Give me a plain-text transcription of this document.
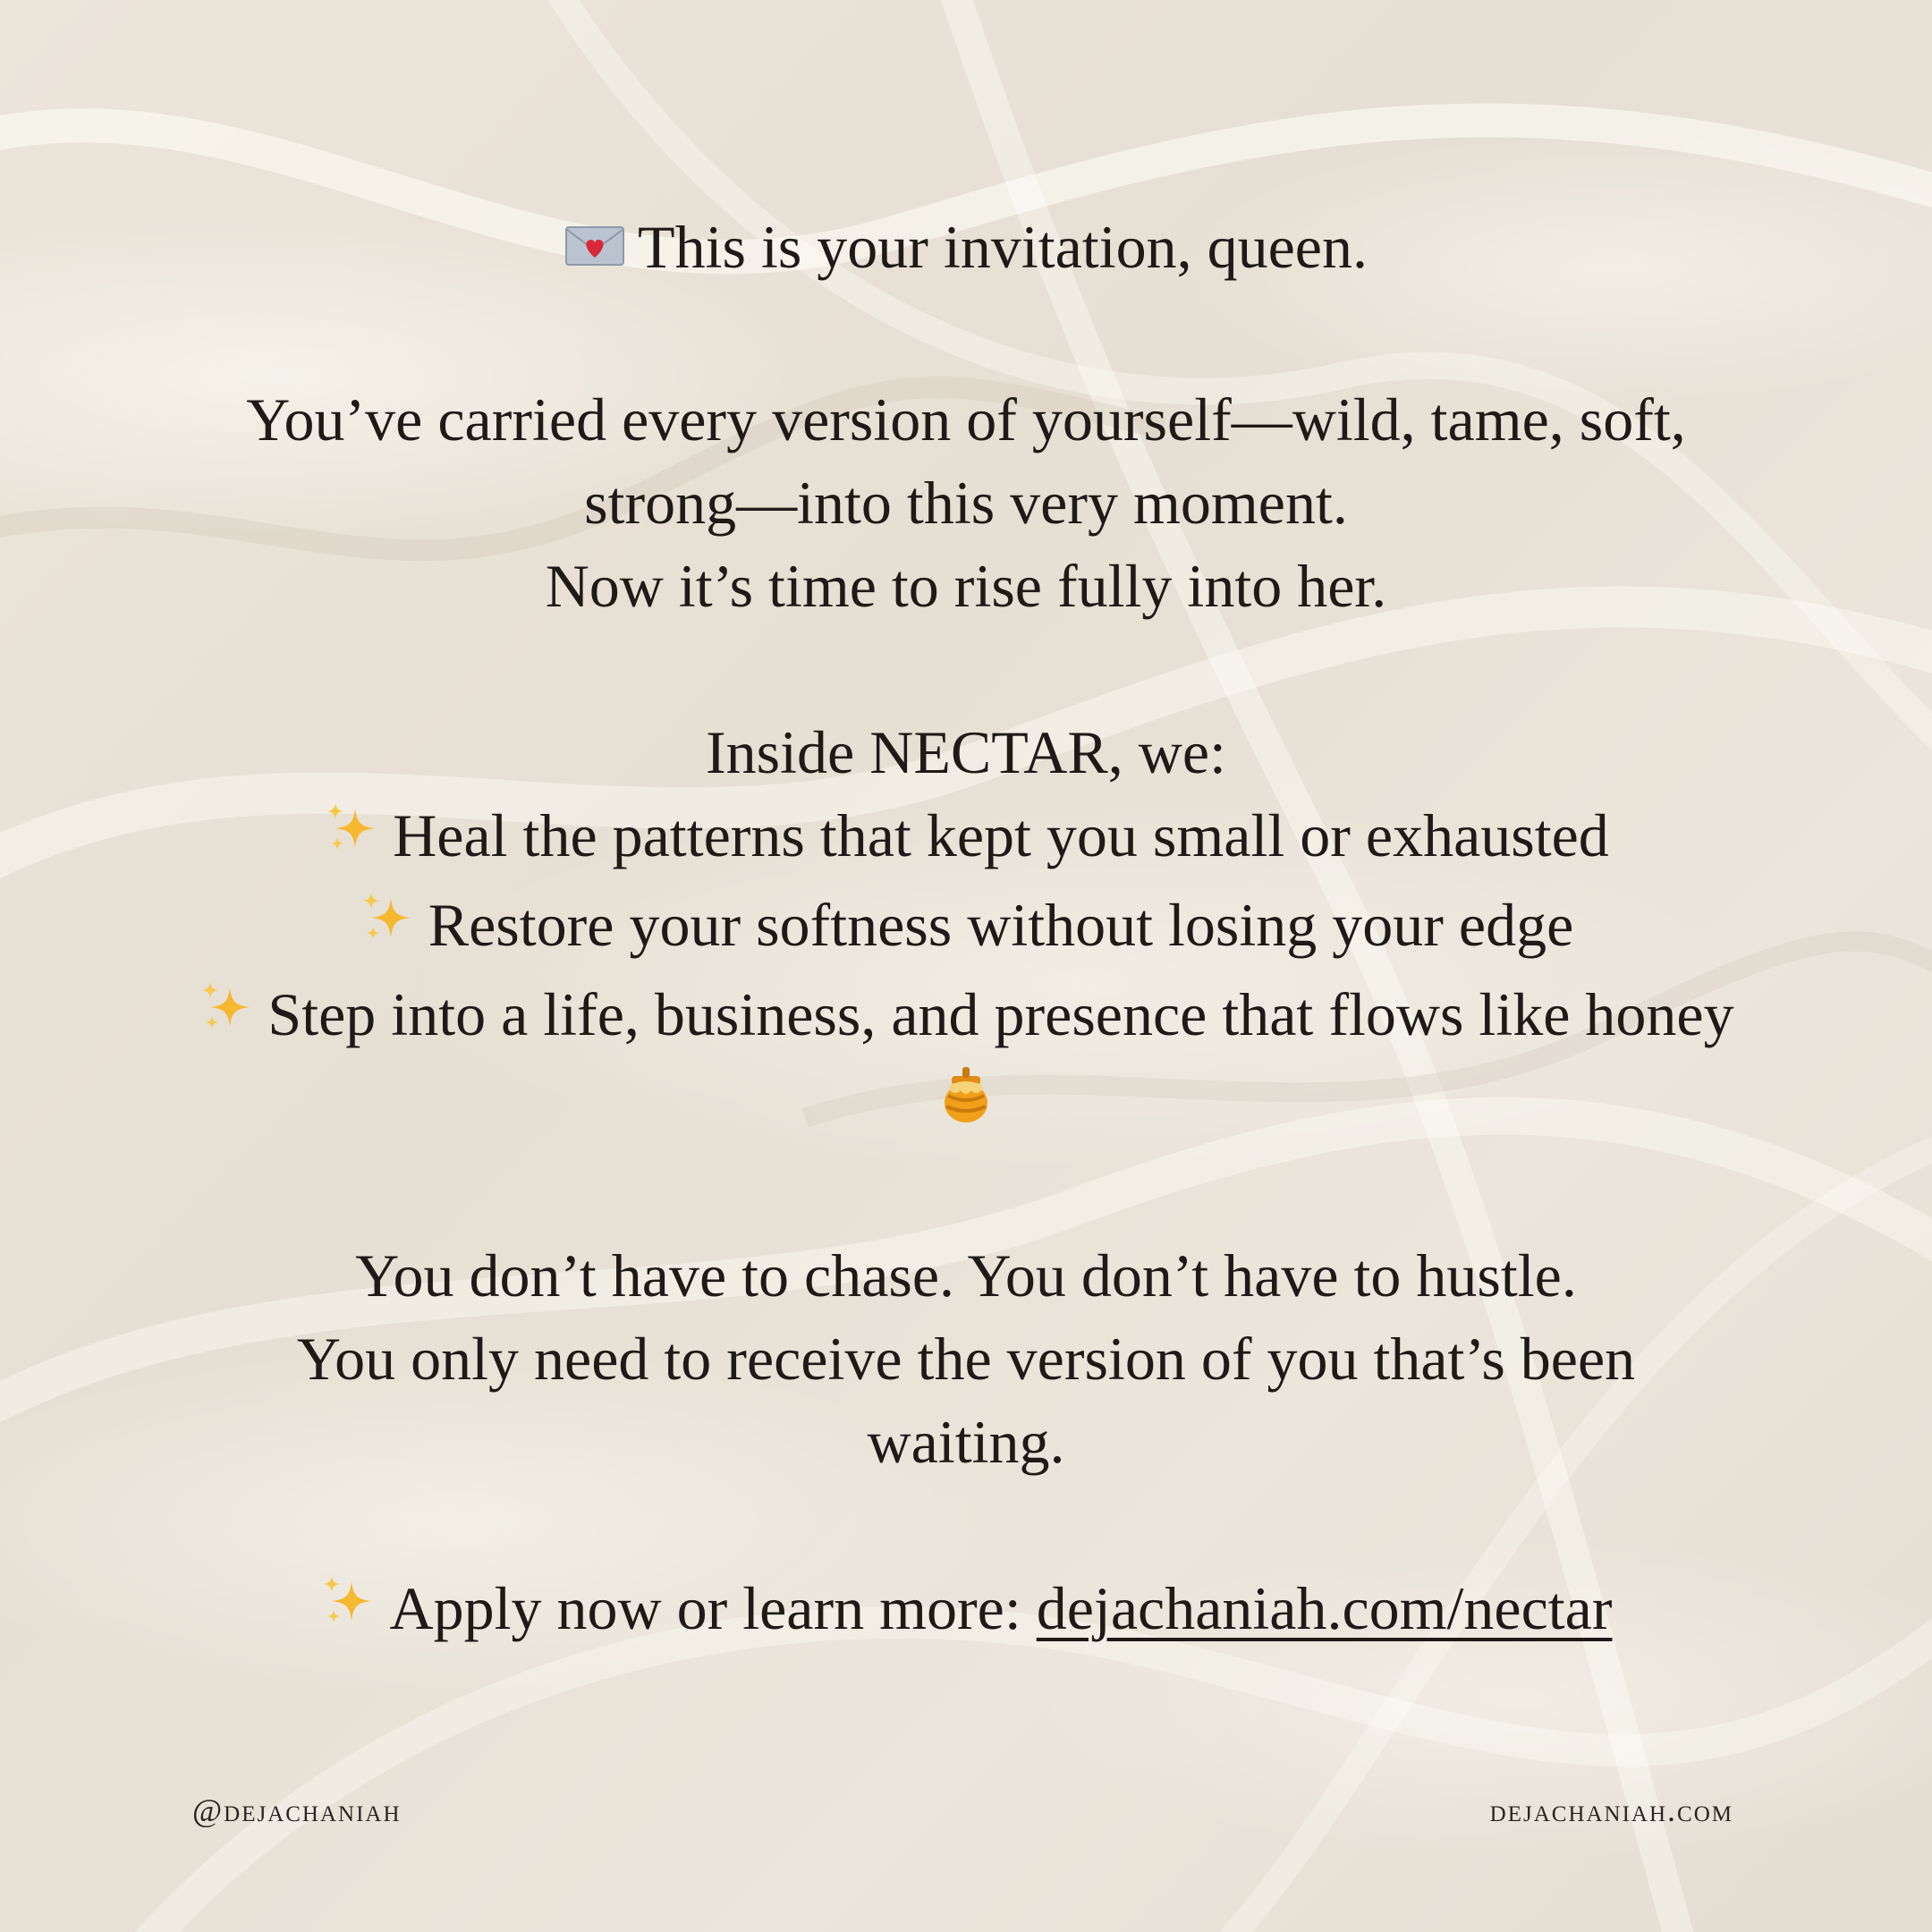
This is your invitation, queen.
You’ve carried every version of yourself—wild, tame, soft,
strong—into this very moment.
Now it’s time to rise fully into her.
Inside NECTAR, we:
Heal the patterns that kept you small or exhausted
Restore your softness without losing your edge
Step into a life, business, and presence that flows like honey
You don’t have to chase. You don’t have to hustle.
You only need to receive the version of you that’s been
waiting.
Apply now or learn more: dejachaniah.com/nectar
@dejachaniah	dejachaniah.com
